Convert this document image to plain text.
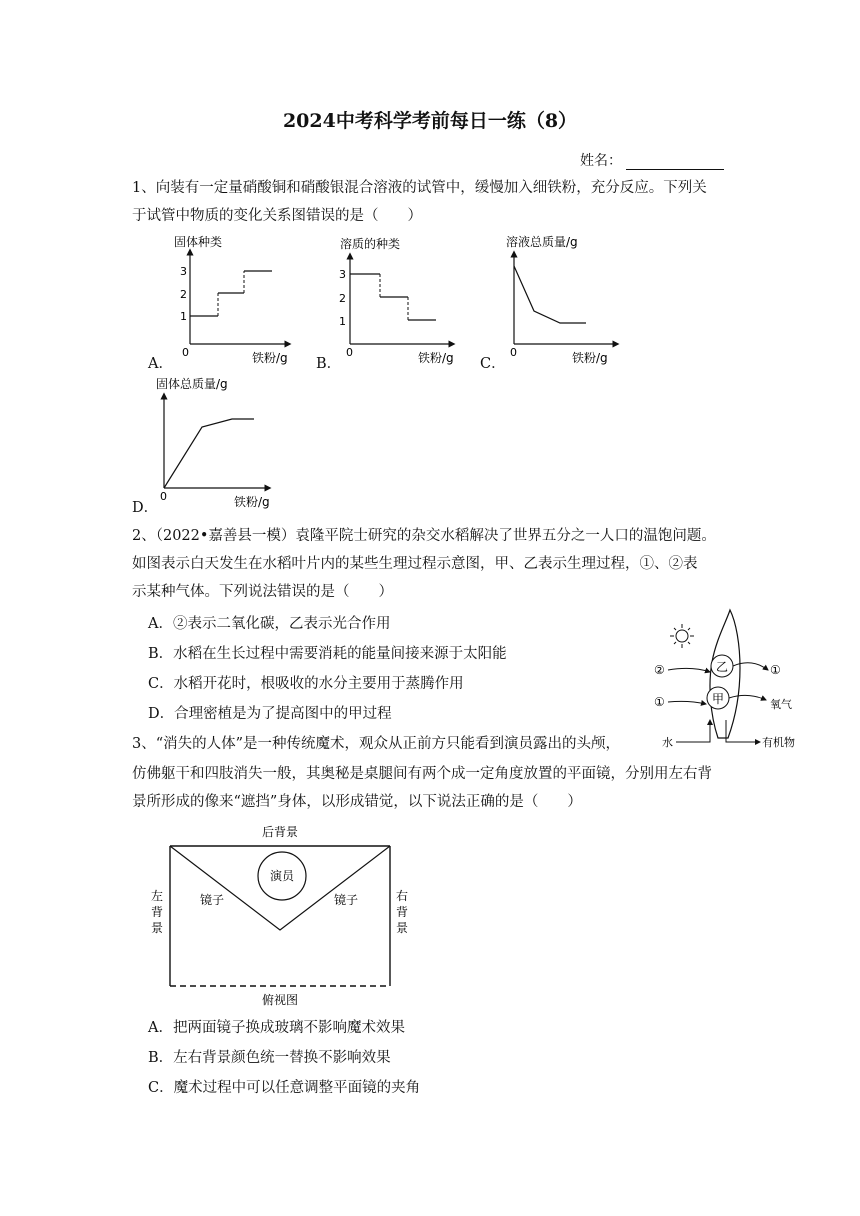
2024中考科学考前每日一练（8）
姓名：
1、向装有一定量硝酸铜和硝酸银混合溶液的试管中，缓慢加入细铁粉，充分反应。下列关
于试管中物质的变化关系图错误的是（　　）
A．
固体种类
3
2
1
0	铁粉/g B．
溶质的种类
3
2
1
0	铁粉/g C．
溶液总质量/g
0	铁粉/g
D．
固体总质量/g
0	铁粉/g
2、（2022•嘉善县一模）袁隆平院士研究的杂交水稻解决了世界五分之一人口的温饱问题。
如图表示白天发生在水稻叶片内的某些生理过程示意图，甲、乙表示生理过程，①、②表
示某种气体。下列说法错误的是（　　）
A．②表示二氧化碳，乙表示光合作用
B．水稻在生长过程中需要消耗的能量间接来源于太阳能
C．水稻开花时，根吸收的水分主要用于蒸腾作用
D．合理密植是为了提高图中的甲过程
乙
甲
②
①
①
氧气
水	有机物
3、“消失的人体”是一种传统魔术，观众从正前方只能看到演员露出的头颅，
仿佛躯干和四肢消失一般，其奥秘是桌腿间有两个成一定角度放置的平面镜，分别用左右背
景所形成的像来“遮挡”身体，以形成错觉，以下说法正确的是（　　）
后背景
演员
镜子	镜子
左
背
景
右
背
景
俯视图
A．把两面镜子换成玻璃不影响魔术效果
B．左右背景颜色统一替换不影响效果
C．魔术过程中可以任意调整平面镜的夹角
